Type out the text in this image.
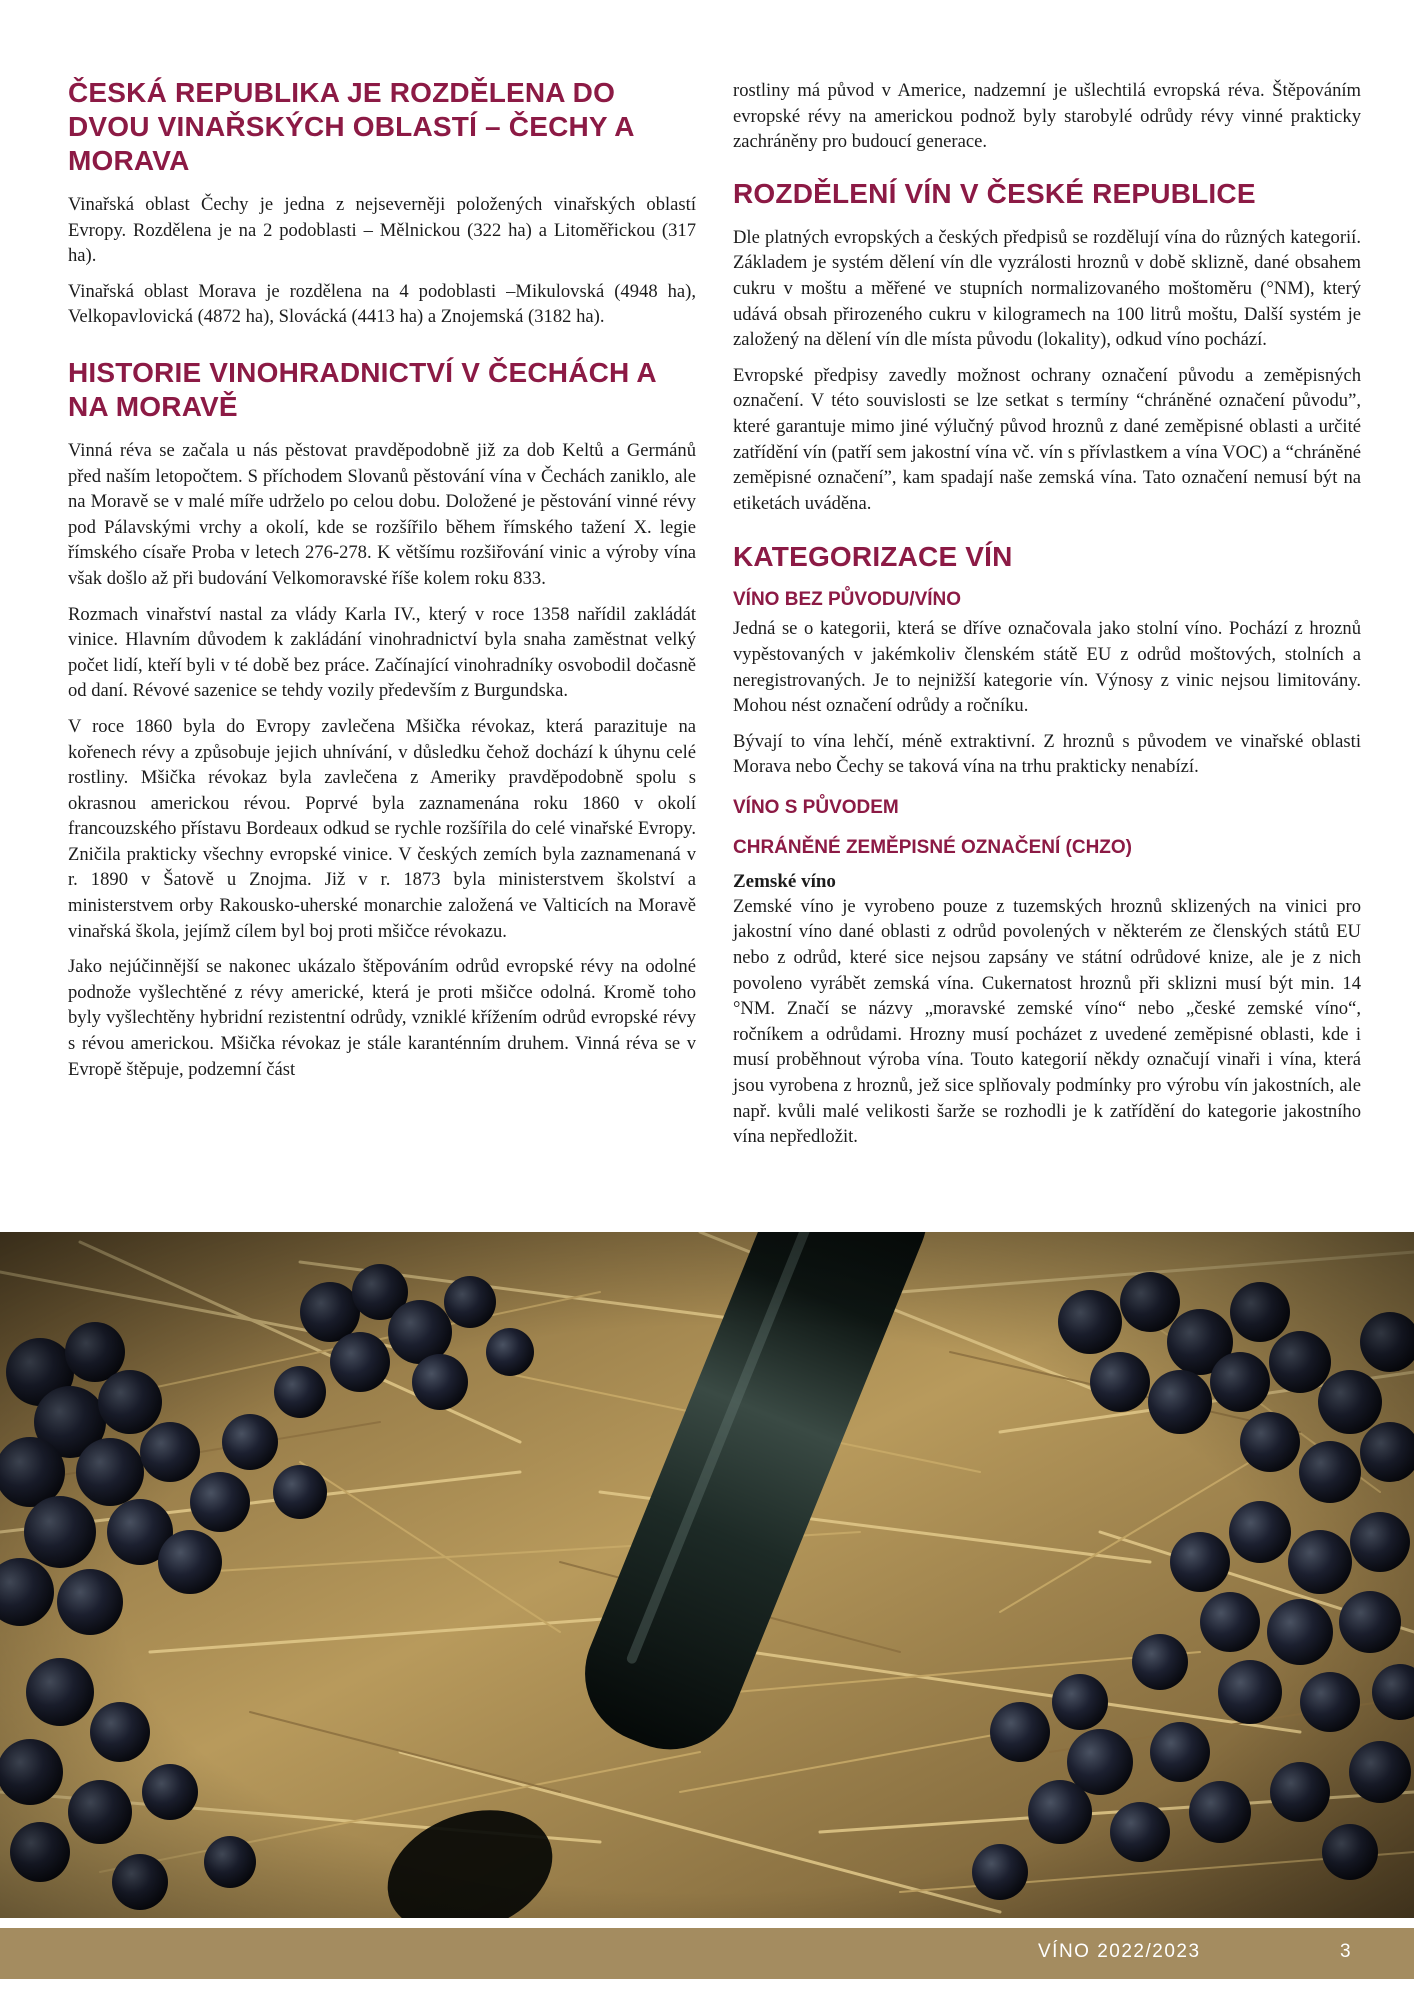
ČESKÁ REPUBLIKA JE ROZDĚLENA DO DVOU VINAŘSKÝCH OBLASTÍ – ČECHY A MORAVA

Vinařská oblast Čechy je jedna z nejseverněji položených vinařských oblastí Evropy. Rozdělena je na 2 podoblasti – Mělnickou (322 ha) a Litoměřickou (317 ha).

Vinařská oblast Morava je rozdělena na 4 podoblasti –Mikulovská (4948 ha), Velkopavlovická (4872 ha), Slovácká (4413 ha) a Znojemská (3182 ha).

HISTORIE VINOHRADNICTVÍ V ČECHÁCH A NA MORAVĚ

Vinná réva se začala u nás pěstovat pravděpodobně již za dob Keltů a Germánů před naším letopočtem. S příchodem Slovanů pěstování vína v Čechách zaniklo, ale na Moravě se v malé míře udrželo po celou dobu. Doložené je pěstování vinné révy pod Pálavskými vrchy a okolí, kde se rozšířilo během římského tažení X. legie římského císaře Proba v letech 276-278. K většímu rozšiřování vinic a výroby vína však došlo až při budování Velkomoravské říše kolem roku 833.

Rozmach vinařství nastal za vlády Karla IV., který v roce 1358 nařídil zakládát vinice. Hlavním důvodem k zakládání vinohradnictví byla snaha zaměstnat velký počet lidí, kteří byli v té době bez práce. Začínající vinohradníky osvobodil dočasně od daní. Révové sazenice se tehdy vozily především z Burgundska.

V roce 1860 byla do Evropy zavlečena Mšička révokaz, která parazituje na kořenech révy a způsobuje jejich uhnívání, v důsledku čehož dochází k úhynu celé rostliny. Mšička révokaz byla zavlečena z Ameriky pravděpodobně spolu s okrasnou americkou révou. Poprvé byla zaznamenána roku 1860 v okolí francouzského přístavu Bordeaux odkud se rychle rozšířila do celé vinařské Evropy. Zničila prakticky všechny evropské vinice. V českých zemích byla zaznamenaná v r. 1890 v Šatově u Znojma. Již v r. 1873 byla ministerstvem školství a ministerstvem orby Rakousko-uherské monarchie založená ve Valticích na Moravě vinařská škola, jejímž cílem byl boj proti mšičce révokazu.

Jako nejúčinnější se nakonec ukázalo štěpováním odrůd evropské révy na odolné podnože vyšlechtěné z révy americké, která je proti mšičce odolná. Kromě toho byly vyšlechtěny hybridní rezistentní odrůdy, vzniklé křížením odrůd evropské révy s révou americkou. Mšička révokaz je stále karanténním druhem. Vinná réva se v Evropě štěpuje, podzemní část

rostliny má původ v Americe, nadzemní je ušlechtilá evropská réva. Štěpováním evropské révy na americkou podnož byly starobylé odrůdy révy vinné prakticky zachráněny pro budoucí generace.

ROZDĚLENÍ VÍN V ČESKÉ REPUBLICE

Dle platných evropských a českých předpisů se rozdělují vína do různých kategorií. Základem je systém dělení vín dle vyzrálosti hroznů v době sklizně, dané obsahem cukru v moštu a měřené ve stupních normalizovaného moštoměru (°NM), který udává obsah přirozeného cukru v kilogramech na 100 litrů moštu, Další systém je založený na dělení vín dle místa původu (lokality), odkud víno pochází.

Evropské předpisy zavedly možnost ochrany označení původu a zeměpisných označení. V této souvislosti se lze setkat s termíny “chráněné označení původu”, které garantuje mimo jiné výlučný původ hroznů z dané zeměpisné oblasti a určité zatřídění vín (patří sem jakostní vína vč. vín s přívlastkem a vína VOC) a “chráněné zeměpisné označení”, kam spadají naše zemská vína. Tato označení nemusí být na etiketách uváděna.

KATEGORIZACE VÍN
VÍNO BEZ PŮVODU/VÍNO

Jedná se o kategorii, která se dříve označovala jako stolní víno. Pochází z hroznů vypěstovaných v jakémkoliv členském státě EU z odrůd moštových, stolních a neregistrovaných. Je to nejnižší kategorie vín. Výnosy z vinic nejsou limitovány. Mohou nést označení odrůdy a ročníku.

Bývají to vína lehčí, méně extraktivní. Z hroznů s původem ve vinařské oblasti Morava nebo Čechy se taková vína na trhu prakticky nenabízí.

VÍNO S PŮVODEM
CHRÁNĚNÉ ZEMĚPISNÉ OZNAČENÍ (CHZO)
Zemské víno

Zemské víno je vyrobeno pouze z tuzemských hroznů sklizených na vinici pro jakostní víno dané oblasti z odrůd povolených v některém ze členských států EU nebo z odrůd, které sice nejsou zapsány ve státní odrůdové knize, ale je z nich povoleno vyrábět zemská vína. Cukernatost hroznů při sklizni musí být min. 14 °NM. Značí se názvy „moravské zemské víno“ nebo „české zemské víno“, ročníkem a odrůdami. Hrozny musí pocházet z uvedené zeměpisné oblasti, kde i musí proběhnout výroba vína. Touto kategorií někdy označují vinaři i vína, která jsou vyrobena z hroznů, jež sice splňovaly podmínky pro výrobu vín jakostních, ale např. kvůli malé velikosti šarže se rozhodli je k zatřídění do kategorie jakostního vína nepředložit.

VÍNO 2022/2023	3
